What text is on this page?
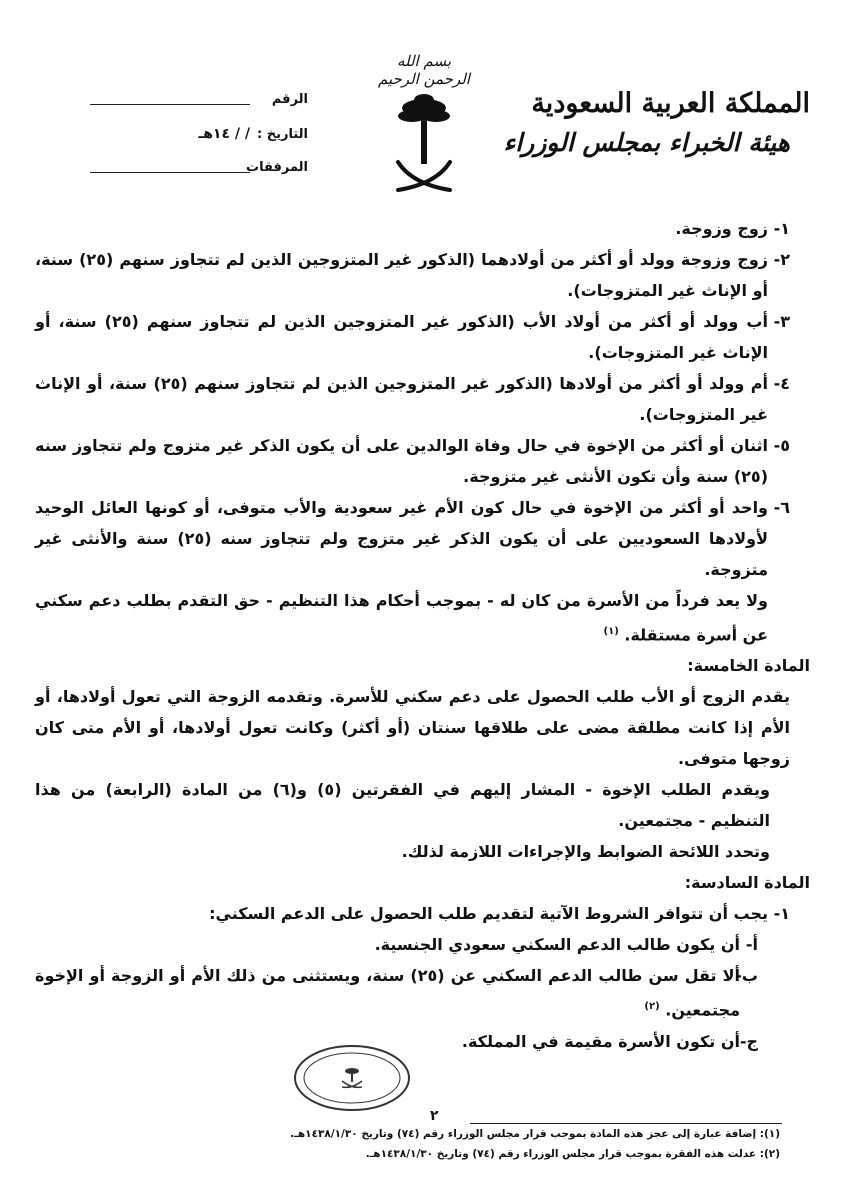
بسم الله الرحمن الرحيم
المملكة العربية السعودية
هيئة الخبراء بمجلس الوزراء
الرقم
التاريخ :/ / ١٤هـ
المرفقات

١-
زوج وزوجة.

٢-
زوج وزوجة وولد أو أكثر من أولادهما (الذكور غير المتزوجين الذين لم تتجاوز سنهم (٢٥) سنة، أو الإناث غير المتزوجات).

٣-
أب وولد أو أكثر من أولاد الأب (الذكور غير المتزوجين الذين لم تتجاوز سنهم (٢٥) سنة، أو الإناث غير المتزوجات).

٤-
أم وولد أو أكثر من أولادها (الذكور غير المتزوجين الذين لم تتجاوز سنهم (٢٥) سنة، أو الإناث غير المتزوجات).

٥-
اثنان أو أكثر من الإخوة في حال وفاة الوالدين على أن يكون الذكر غير متزوج ولم تتجاوز سنه (٢٥) سنة وأن تكون الأنثى غير متزوجة.

٦-
واحد أو أكثر من الإخوة في حال كون الأم غير سعودية والأب متوفى، أو كونها العائل الوحيد لأولادها السعوديين على أن يكون الذكر غير متزوج ولم تتجاوز سنه (٢٥) سنة والأنثى غير متزوجة.

ولا يعد فرداً من الأسرة من كان له - بموجب أحكام هذا التنظيم - حق التقدم بطلب دعم سكني عن أسرة مستقلة. $^{(١)}$

المادة الخامسة:

يقدم الزوج أو الأب طلب الحصول على دعم سكني للأسرة. وتقدمه الزوجة التي تعول أولادها، أو الأم إذا كانت مطلقة مضى على طلاقها سنتان (أو أكثر) وكانت تعول أولادها، أو الأم متى كان زوجها متوفى.

ويقدم الطلب الإخوة - المشار إليهم في الفقرتين (٥) و(٦) من المادة (الرابعة) من هذا التنظيم - مجتمعين.

وتحدد اللائحة الضوابط والإجراءات اللازمة لذلك.

المادة السادسة:

١-
يجب أن تتوافر الشروط الآتية لتقديم طلب الحصول على الدعم السكني:

أ-
أن يكون طالب الدعم السكني سعودي الجنسية.

ب-
ألا تقل سن طالب الدعم السكني عن (٢٥) سنة، ويستثنى من ذلك الأم أو الزوجة أو الإخوة مجتمعين. $^{(٢)}$

ج-
أن تكون الأسرة مقيمة في المملكة.

٢
(١): إضافة عبارة إلى عجز هذه المادة بموجب قرار مجلس الوزراء رقم (٧٤) وتاريخ ١٤٣٨/١/٣٠هـ.
(٢): عدلت هذه الفقرة بموجب قرار مجلس الوزراء رقم (٧٤) وتاريخ ١٤٣٨/١/٣٠هـ.
